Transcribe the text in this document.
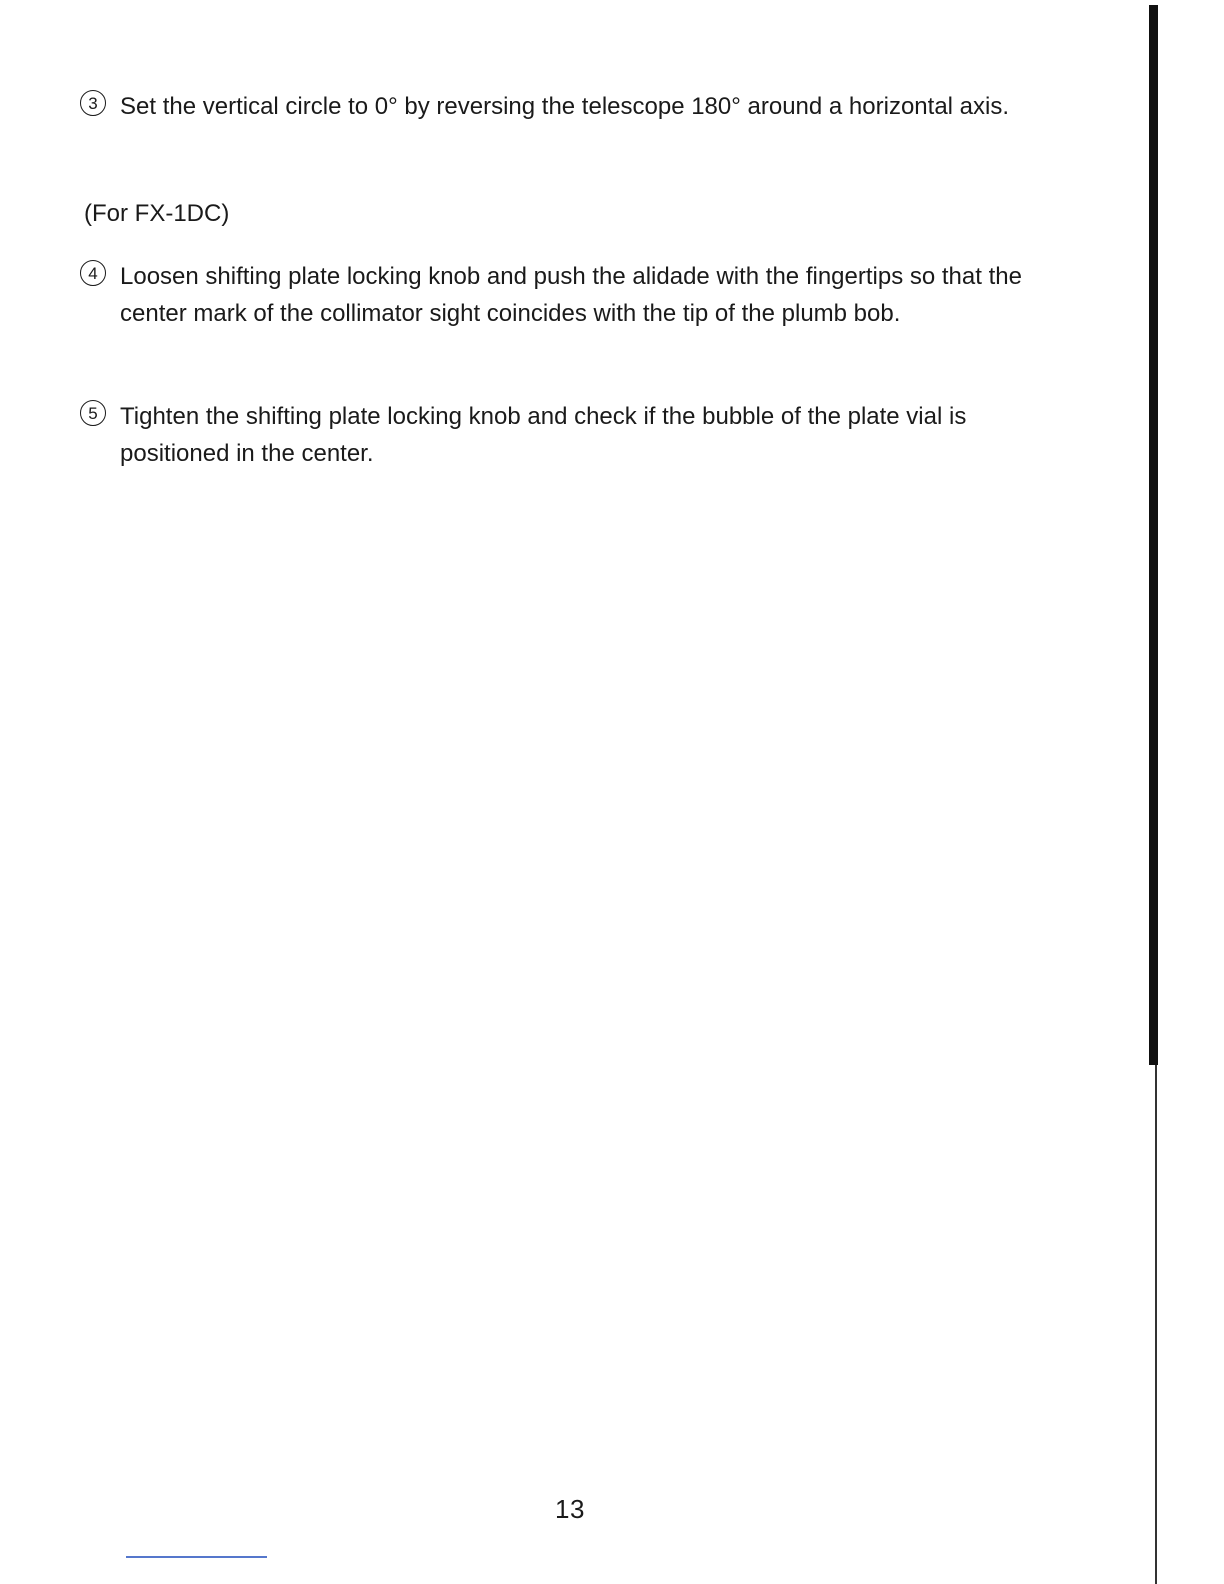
3 Set the vertical circle to 0° by reversing the telescope 180° around a horizontal axis.
(For FX-1DC)
4 Loosen shifting plate locking knob and push the alidade with the fingertips so that the center mark of the collimator sight coincides with the tip of the plumb bob.
5 Tighten the shifting plate locking knob and check if the bubble of the plate vial is positioned in the center.
13
